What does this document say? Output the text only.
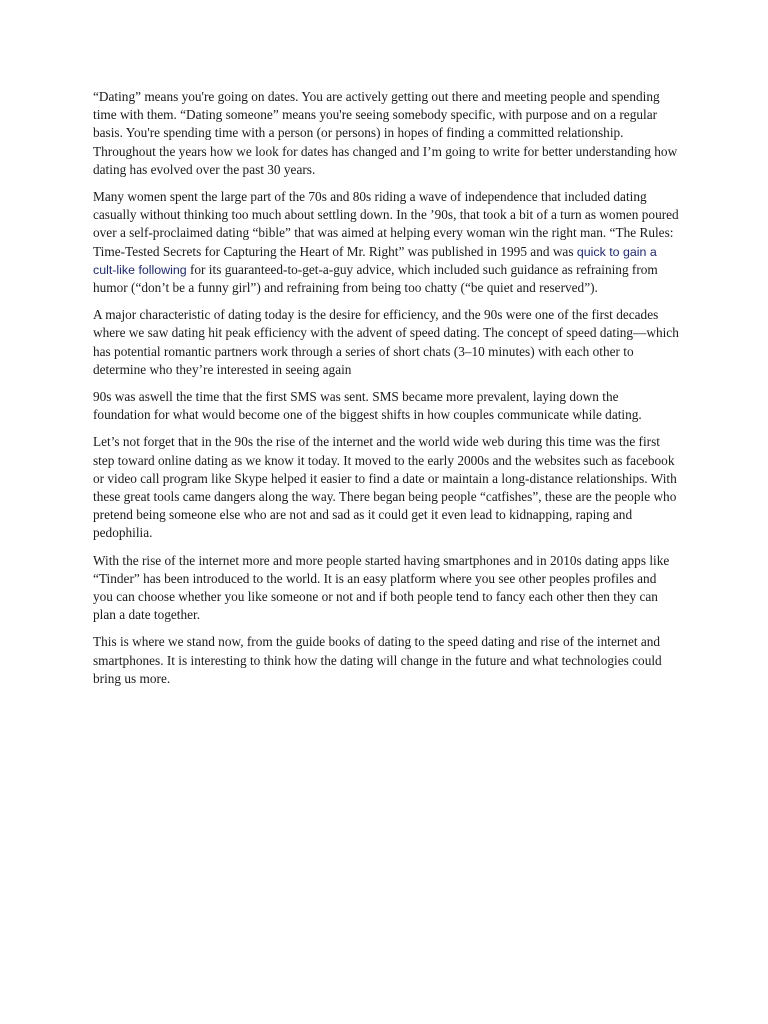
“Dating” means you're going on dates. You are actively getting out there and meeting people and spending time with them. “Dating someone” means you're seeing somebody specific, with purpose and on a regular basis. You're spending time with a person (or persons) in hopes of finding a committed relationship. Throughout the years how we look for dates has changed and I’m going to write for better understanding how dating has evolved over the past 30 years.

Many women spent the large part of the 70s and 80s riding a wave of independence that included dating casually without thinking too much about settling down. In the ’90s, that took a bit of a turn as women poured over a self-proclaimed dating “bible” that was aimed at helping every woman win the right man. “The Rules: Time-Tested Secrets for Capturing the Heart of Mr. Right” was published in 1995 and was quick to gain a cult-like following for its guaranteed-to-get-a-guy advice, which included such guidance as refraining from humor (“don’t be a funny girl”) and refraining from being too chatty (“be quiet and reserved”).

A major characteristic of dating today is the desire for efficiency, and the 90s were one of the first decades where we saw dating hit peak efficiency with the advent of speed dating. The concept of speed dating—which has potential romantic partners work through a series of short chats (3–10 minutes) with each other to determine who they’re interested in seeing again

90s was aswell the time that the first SMS was sent. SMS became more prevalent, laying down the foundation for what would become one of the biggest shifts in how couples communicate while dating.

Let’s not forget that in the 90s the rise of the internet and the world wide web during this time was the first step toward online dating as we know it today. It moved to the early 2000s and the websites such as facebook or video call program like Skype helped it easier to find a date or maintain a long-distance relationships. With these great tools came dangers along the way. There began being people “catfishes”, these are the people who pretend being someone else who are not and sad as it could get it even lead to kidnapping, raping and pedophilia.

With the rise of the internet more and more people started having smartphones and in 2010s dating apps like “Tinder” has been introduced to the world. It is an easy platform where you see other peoples profiles and you can choose whether you like someone or not and if both people tend to fancy each other then they can plan a date together.

This is where we stand now, from the guide books of dating to the speed dating and rise of the internet and smartphones. It is interesting to think how the dating will change in the future and what technologies could bring us more.
